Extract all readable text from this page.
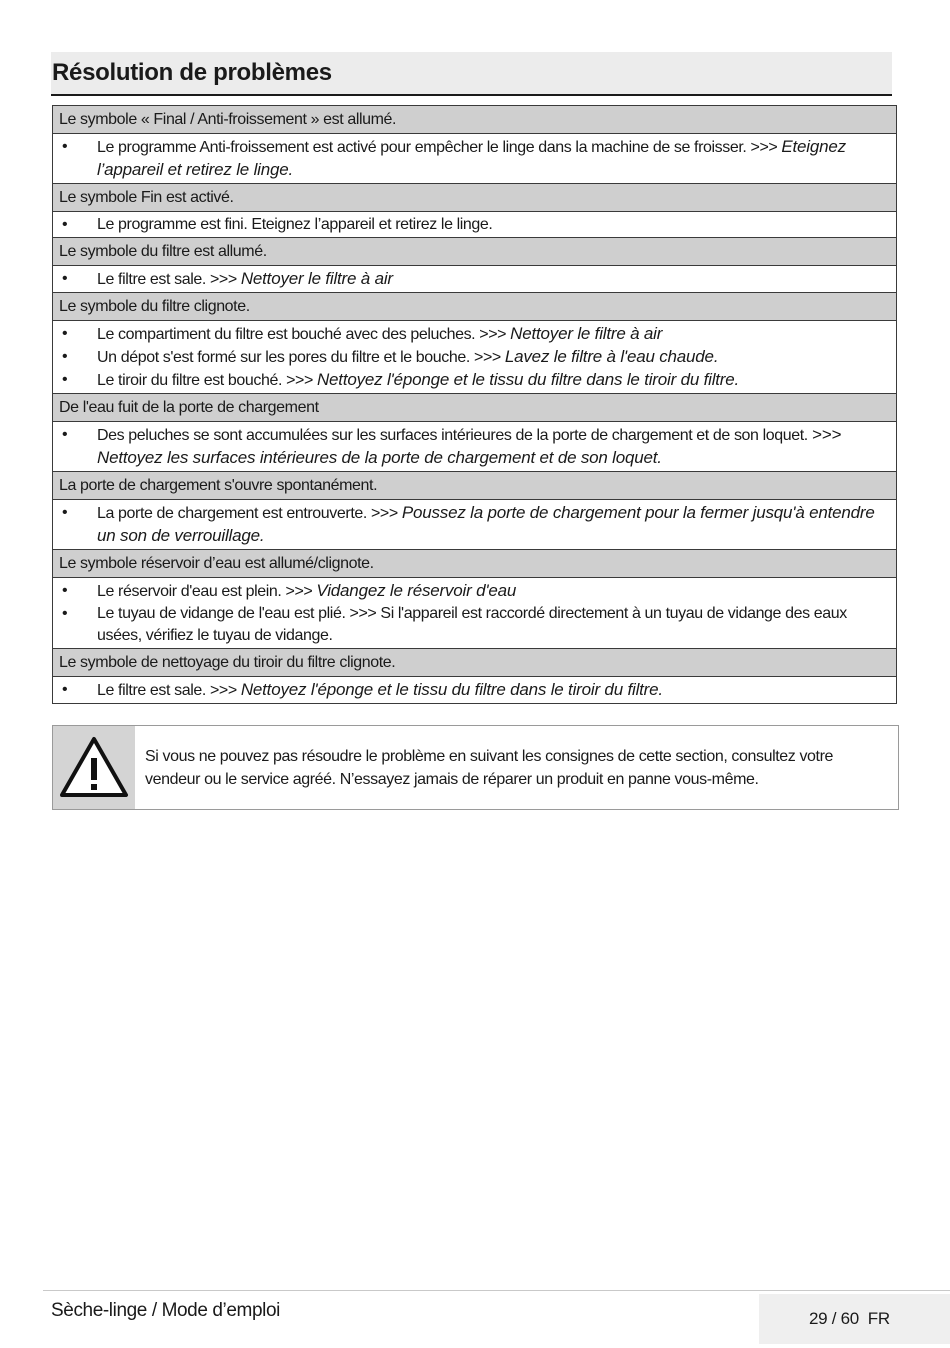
Résolution de problèmes
Le symbole « Final / Anti-froissement » est allumé.
• Le programme Anti-froissement est activé pour empêcher le linge dans la machine de se froisser. >>> Eteignez l’appareil et retirez le linge.
Le symbole Fin est activé.
• Le programme est fini. Eteignez l’appareil et retirez le linge.
Le symbole du filtre est allumé.
• Le filtre est sale. >>> Nettoyer le filtre à air
Le symbole du filtre clignote.
• Le compartiment du filtre est bouché avec des peluches. >>> Nettoyer le filtre à air
• Un dépot s'est formé sur les pores du filtre et le bouche. >>> Lavez le filtre à l'eau chaude.
• Le tiroir du filtre est bouché. >>> Nettoyez l'éponge et le tissu du filtre dans le tiroir du filtre.
De l'eau fuit de la porte de chargement
• Des peluches se sont accumulées sur les surfaces intérieures de la porte de chargement et de son loquet. >>> Nettoyez les surfaces intérieures de la porte de chargement et de son loquet.
La porte de chargement s'ouvre spontanément.
• La porte de chargement est entrouverte. >>> Poussez la porte de chargement pour la fermer jusqu'à entendre un son de verrouillage.
Le symbole réservoir d’eau est allumé/clignote.
• Le réservoir d'eau est plein. >>> Vidangez le réservoir d'eau
• Le tuyau de vidange de l'eau est plié. >>> Si l'appareil est raccordé directement à un tuyau de vidange des eaux usées, vérifiez le tuyau de vidange.
Le symbole de nettoyage du tiroir du filtre clignote.
• Le filtre est sale. >>> Nettoyez l'éponge et le tissu du filtre dans le tiroir du filtre.
Si vous ne pouvez pas résoudre le problème en suivant les consignes de cette section, consultez votre vendeur ou le service agréé. N’essayez jamais de réparer un produit en panne vous-même.
Sèche-linge / Mode d’emploi	29 / 60 FR
